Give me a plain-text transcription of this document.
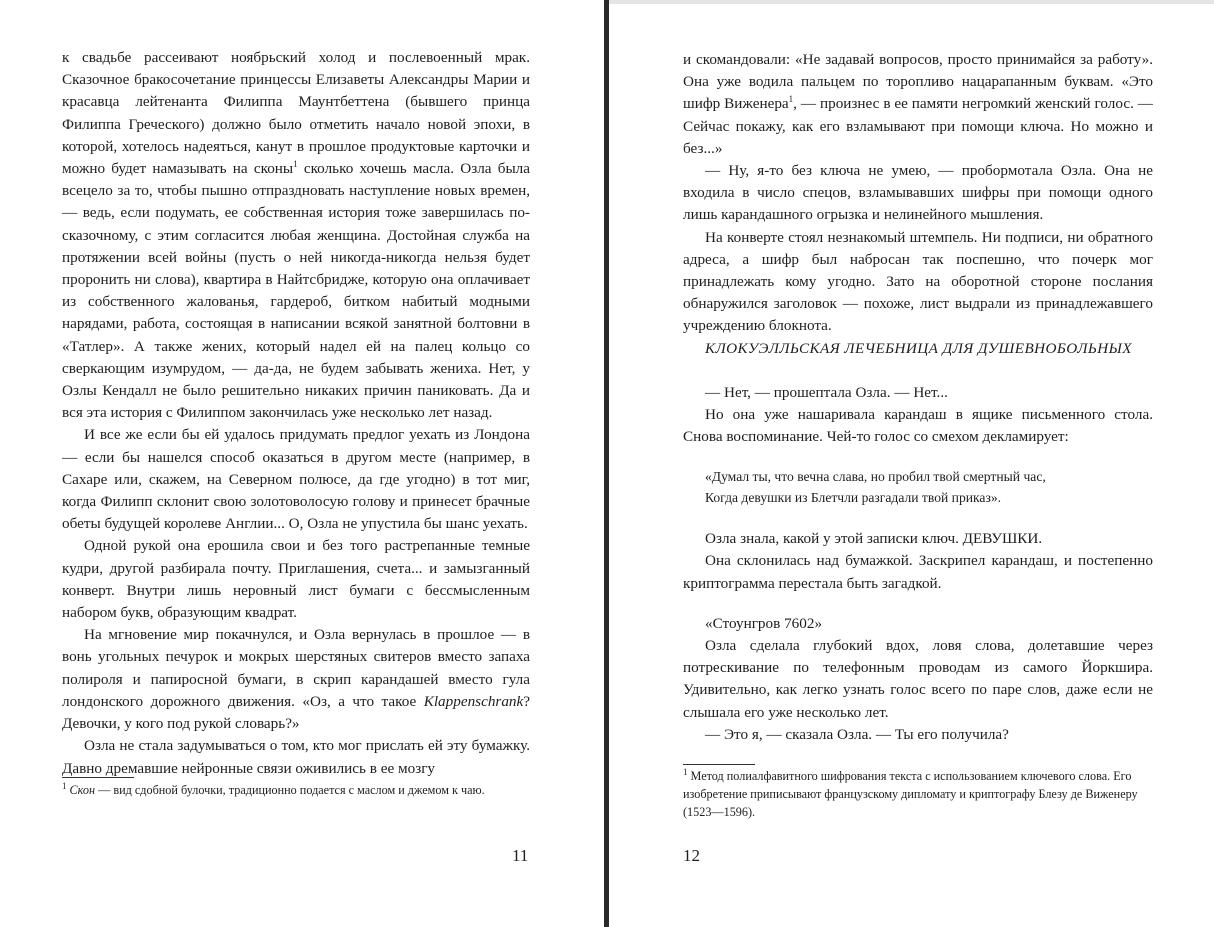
к свадьбе рассеивают ноябрьский холод и послевоенный мрак. Сказочное бракосочетание принцессы Елизаветы Александры Марии и красавца лейтенанта Филиппа Маунтбеттена (бывшего принца Филиппа Греческого) должно было отметить начало новой эпохи, в которой, хотелось надеяться, канут в прошлое продуктовые карточки и можно будет намазывать на сконы$^1$ сколько хочешь масла. Озла была всецело за то, чтобы пышно отпраздновать наступление новых времен, — ведь, если подумать, ее собственная история тоже завершилась по-сказочному, с этим согласится любая женщина. Достойная служба на протяжении всей войны (пусть о ней никогда-никогда нельзя будет проронить ни слова), квартира в Найтсбридже, которую она оплачивает из собственного жалованья, гардероб, битком набитый модными нарядами, работа, состоящая в написании всякой занятной болтовни в «Татлер». А также жених, который надел ей на палец кольцо со сверкающим изумрудом, — да-да, не будем забывать жениха. Нет, у Озлы Кендалл не было решительно никаких причин паниковать. Да и вся эта история с Филиппом закончилась уже несколько лет назад.

И все же если бы ей удалось придумать предлог уехать из Лондона — если бы нашелся способ оказаться в другом месте (например, в Сахаре или, скажем, на Северном полюсе, да где угодно) в тот миг, когда Филипп склонит свою золотоволосую голову и принесет брачные обеты будущей королеве Англии... О, Озла не упустила бы шанс уехать.

Одной рукой она ерошила свои и без того растрепанные темные кудри, другой разбирала почту. Приглашения, счета... и замызганный конверт. Внутри лишь неровный лист бумаги с бессмысленным набором букв, образующим квадрат.

На мгновение мир покачнулся, и Озла вернулась в прошлое — в вонь угольных печурок и мокрых шерстяных свитеров вместо запаха полироля и папиросной бумаги, в скрип карандашей вместо гула лондонского дорожного движения. «Оз, а что такое Klappenschrank? Девочки, у кого под рукой словарь?»

Озла не стала задумываться о том, кто мог прислать ей эту бумажку. Давно дремавшие нейронные связи оживились в ее мозгу

$^1$ Скон — вид сдобной булочки, традиционно подается с маслом и джемом к чаю.
11

и скомандовали: «Не задавай вопросов, просто принимайся за работу». Она уже водила пальцем по торопливо нацарапанным буквам. «Это шифр Виженера$^1$, — произнес в ее памяти негромкий женский голос. — Сейчас покажу, как его взламывают при помощи ключа. Но можно и без...»

— Ну, я-то без ключа не умею, — пробормотала Озла. Она не входила в число спецов, взламывавших шифры при помощи одного лишь карандашного огрызка и нелинейного мышления.

На конверте стоял незнакомый штемпель. Ни подписи, ни обратного адреса, а шифр был набросан так поспешно, что почерк мог принадлежать кому угодно. Зато на оборотной стороне послания обнаружился заголовок — похоже, лист выдрали из принадлежавшего учреждению блокнота.

КЛОКУЭЛЛЬСКАЯ ЛЕЧЕБНИЦА ДЛЯ ДУШЕВНОБОЛЬНЫХ

— Нет, — прошептала Озла. — Нет...

Но она уже нашаривала карандаш в ящике письменного стола. Снова воспоминание. Чей-то голос со смехом декламирует:

«Думал ты, что вечна слава, но пробил твой смертный час,
Когда девушки из Блетчли разгадали твой приказ».

Озла знала, какой у этой записки ключ. ДЕВУШКИ.

Она склонилась над бумажкой. Заскрипел карандаш, и постепенно криптограмма перестала быть загадкой.

«Стоунгров 7602»

Озла сделала глубокий вдох, ловя слова, долетавшие через потрескивание по телефонным проводам из самого Йоркшира. Удивительно, как легко узнать голос всего по паре слов, даже если не слышала его уже несколько лет.

— Это я, — сказала Озла. — Ты его получила?

$^1$ Метод полиалфавитного шифрования текста с использованием ключевого слова. Его изобретение приписывают французскому дипломату и криптографу Блезу де Виженеру (1523—1596).
12
